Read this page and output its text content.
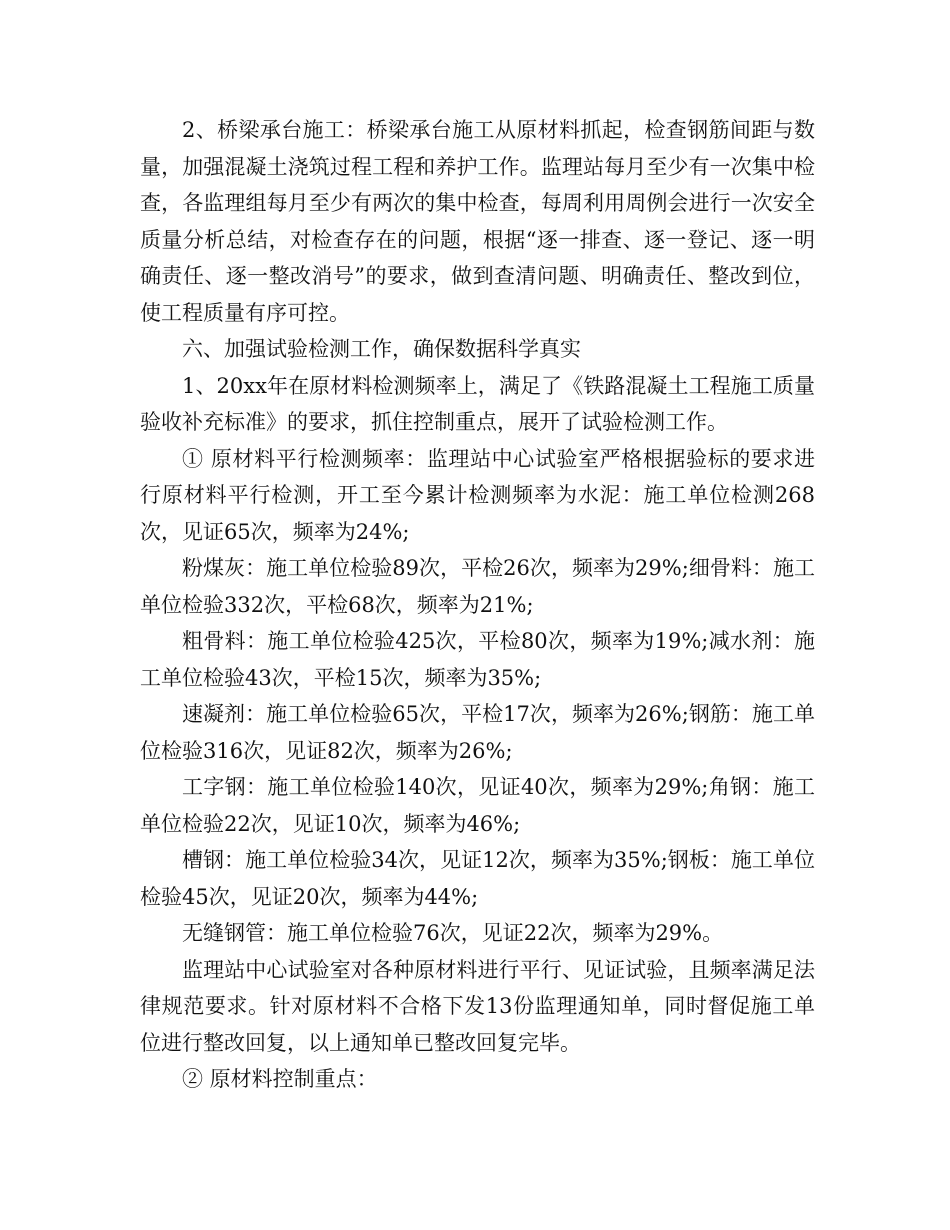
2、桥梁承台施工：桥梁承台施工从原材料抓起，检查钢筋间距与数量，加强混凝土浇筑过程工程和养护工作。监理站每月至少有一次集中检查，各监理组每月至少有两次的集中检查，每周利用周例会进行一次安全质量分析总结，对检查存在的问题，根据“逐一排查、逐一登记、逐一明确责任、逐一整改消号”的要求，做到查清问题、明确责任、整改到位，使工程质量有序可控。

六、加强试验检测工作，确保数据科学真实

1、20xx年在原材料检测频率上，满足了《铁路混凝土工程施工质量验收补充标准》的要求，抓住控制重点，展开了试验检测工作。

① 原材料平行检测频率：监理站中心试验室严格根据验标的要求进行原材料平行检测，开工至今累计检测频率为水泥：施工单位检测268次，见证65次，频率为24%;

粉煤灰：施工单位检验89次，平检26次，频率为29%;细骨料：施工单位检验332次，平检68次，频率为21%;

粗骨料：施工单位检验425次，平检80次，频率为19%;减水剂：施工单位检验43次，平检15次，频率为35%;

速凝剂：施工单位检验65次，平检17次，频率为26%;钢筋：施工单位检验316次，见证82次，频率为26%;

工字钢：施工单位检验140次，见证40次，频率为29%;角钢：施工单位检验22次，见证10次，频率为46%;

槽钢：施工单位检验34次，见证12次，频率为35%;钢板：施工单位检验45次，见证20次，频率为44%;

无缝钢管：施工单位检验76次，见证22次，频率为29%。

监理站中心试验室对各种原材料进行平行、见证试验，且频率满足法律规范要求。针对原材料不合格下发13份监理通知单，同时督促施工单位进行整改回复，以上通知单已整改回复完毕。

② 原材料控制重点：
